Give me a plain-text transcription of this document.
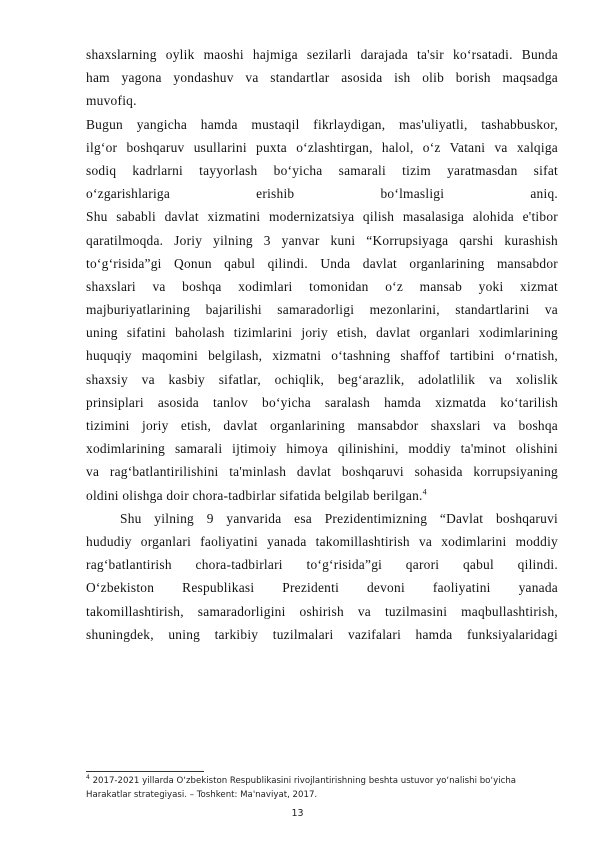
shaxslarning oylik maoshi hajmiga sezilarli darajada ta'sir ko‘rsatadi. Bunda
ham yagona yondashuv va standartlar asosida ish olib borish maqsadga
muvofiq.
Bugun yangicha hamda mustaqil fikrlaydigan, mas'uliyatli, tashabbuskor,
ilg‘or boshqaruv usullarini puxta o‘zlashtirgan, halol, o‘z Vatani va xalqiga
sodiq kadrlarni tayyorlash bo‘yicha samarali tizim yaratmasdan sifat
o‘zgarishlariga erishib bo‘lmasligi aniq.
Shu sababli davlat xizmatini modernizatsiya qilish masalasiga alohida e'tibor
qaratilmoqda. Joriy yilning 3 yanvar kuni “Korrupsiyaga qarshi kurashish
to‘g‘risida”gi Qonun qabul qilindi. Unda davlat organlarining mansabdor
shaxslari va boshqa xodimlari tomonidan o‘z mansab yoki xizmat
majburiyatlarining bajarilishi samaradorligi mezonlarini, standartlarini va
uning sifatini baholash tizimlarini joriy etish, davlat organlari xodimlarining
huquqiy maqomini belgilash, xizmatni o‘tashning shaffof tartibini o‘rnatish,
shaxsiy va kasbiy sifatlar, ochiqlik, beg‘arazlik, adolatlilik va xolislik
prinsiplari asosida tanlov bo‘yicha saralash hamda xizmatda ko‘tarilish
tizimini joriy etish, davlat organlarining mansabdor shaxslari va boshqa
xodimlarining samarali ijtimoiy himoya qilinishini, moddiy ta'minot olishini
va rag‘batlantirilishini ta'minlash davlat boshqaruvi sohasida korrupsiyaning
oldini olishga doir chora-tadbirlar sifatida belgilab berilgan.$^4$
Shu yilning 9 yanvarida esa Prezidentimizning “Davlat boshqaruvi
hududiy organlari faoliyatini yanada takomillashtirish va xodimlarini moddiy
rag‘batlantirish chora-tadbirlari to‘g‘risida”gi qarori qabul qilindi.
O‘zbekiston Respublikasi Prezidenti devoni faoliyatini yanada
takomillashtirish, samaradorligini oshirish va tuzilmasini maqbullashtirish,
shuningdek, uning tarkibiy tuzilmalari vazifalari hamda funksiyalaridagi
$^4$ 2017-2021 yillarda O‘zbekiston Respublikasini rivojlantirishning beshta ustuvor yo‘nalishi bo‘yicha
Harakatlar strategiyasi. – Toshkent: Ma'naviyat, 2017.
13
